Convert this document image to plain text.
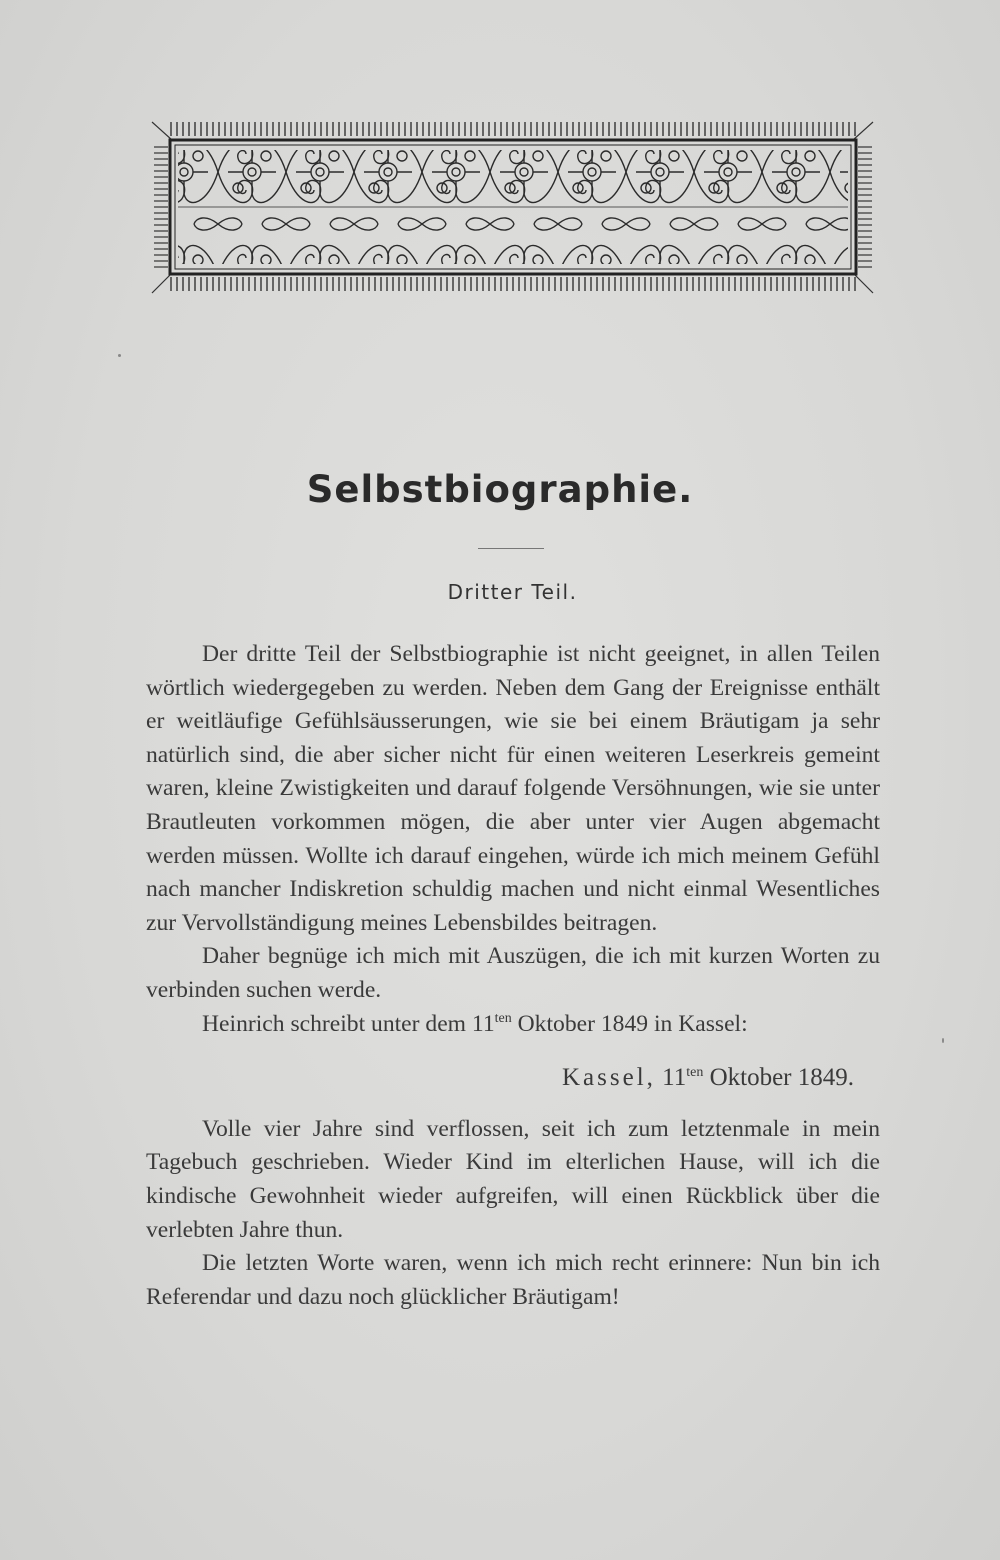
Selbstbiographie.
Dritter Teil.

Der dritte Teil der Selbstbiographie ist nicht geeignet, in allen Teilen wörtlich wiedergegeben zu werden. Neben dem Gang der Ereignisse enthält er weitläufige Gefühlsäusserungen, wie sie bei einem Bräutigam ja sehr natürlich sind, die aber sicher nicht für einen weiteren Leserkreis gemeint waren, kleine Zwistigkeiten und darauf folgende Versöhnungen, wie sie unter Brautleuten vorkommen mögen, die aber unter vier Augen abgemacht werden müssen. Wollte ich darauf eingehen, würde ich mich meinem Gefühl nach mancher Indiskretion schuldig machen und nicht einmal Wesentliches zur Vervollständigung meines Lebensbildes beitragen.

Daher begnüge ich mich mit Auszügen, die ich mit kurzen Worten zu verbinden suchen werde.

Heinrich schreibt unter dem $11^{ten}$ Oktober 1849 in Kassel:

Kassel, $11^{ten}$ Oktober 1849.

Volle vier Jahre sind verflossen, seit ich zum letztenmale in mein Tagebuch geschrieben. Wieder Kind im elterlichen Hause, will ich die kindische Gewohnheit wieder aufgreifen, will einen Rückblick über die verlebten Jahre thun.

Die letzten Worte waren, wenn ich mich recht erinnere: Nun bin ich Referendar und dazu noch glücklicher Bräutigam!
